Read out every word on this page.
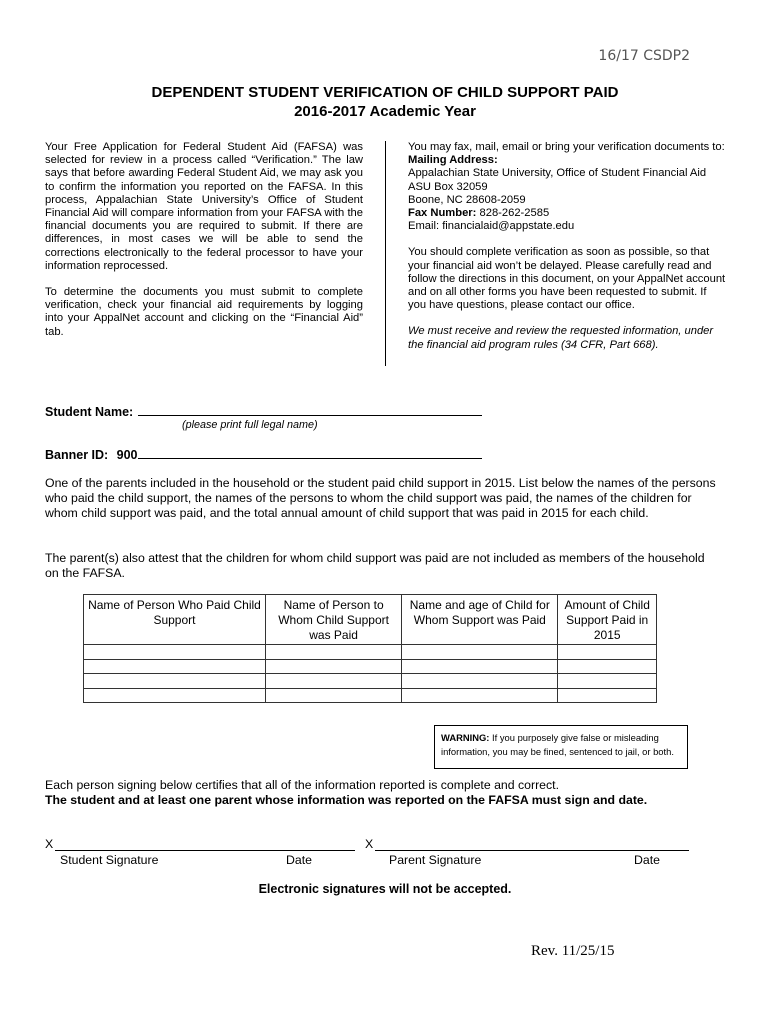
16/17 CSDP2
DEPENDENT STUDENT VERIFICATION OF CHILD SUPPORT PAID
2016-2017 Academic Year

Your Free Application for Federal Student Aid (FAFSA) was selected for review in a process called “Verification.” The law says that before awarding Federal Student Aid, we may ask you to confirm the information you reported on the FAFSA. In this process, Appalachian State University’s Office of Student Financial Aid will compare information from your FAFSA with the financial documents you are required to submit. If there are differences, in most cases we will be able to send the corrections electronically to the federal processor to have your information reprocessed.

To determine the documents you must submit to complete verification, check your financial aid requirements by logging into your AppalNet account and clicking on the “Financial Aid” tab.

You may fax, mail, email or bring your verification documents to:

Mailing Address:

Appalachian State University, Office of Student Financial Aid

ASU Box 32059

Boone, NC 28608-2059

Fax Number: 828-262-2585

Email: financialaid@appstate.edu

You should complete verification as soon as possible, so that your financial aid won’t be delayed. Please carefully read and follow the directions in this document, on your AppalNet account and on all other forms you have been requested to submit. If you have questions, please contact our office.

We must receive and review the requested information, under the financial aid program rules (34 CFR, Part 668).

Student Name:
(please print full legal name)
Banner ID: 900
One of the parents included in the household or the student paid child support in 2015. List below the names of the persons who paid the child support, the names of the persons to whom the child support was paid, the names of the children for whom child support was paid, and the total annual amount of child support that was paid in 2015 for each child.
The parent(s) also attest that the children for whom child support was paid are not included as members of the household on the FAFSA.
Name of Person Who Paid Child Support	Name of Person to Whom Child Support was Paid	Name and age of Child for Whom Support was Paid	Amount of Child Support Paid in 2015

WARNING: If you purposely give false or misleading information, you may be fined, sentenced to jail, or both.
Each person signing below certifies that all of the information reported is complete and correct.
The student and at least one parent whose information was reported on the FAFSA must sign and date.
X	X
Student Signature	Date	Parent Signature	Date
Electronic signatures will not be accepted.
Rev. 11/25/15
